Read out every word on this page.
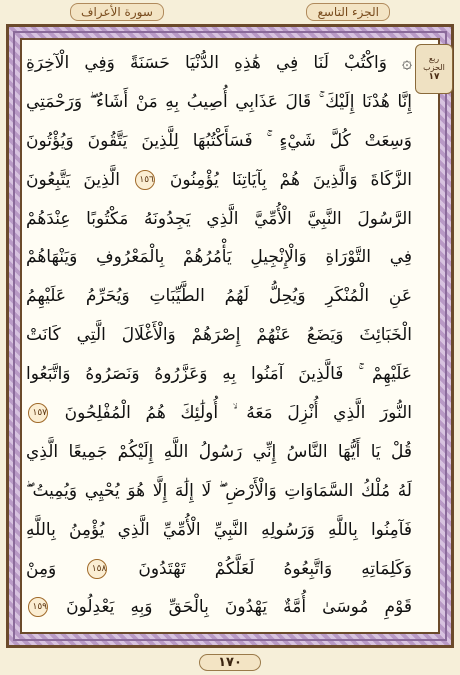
الجزء التاسع
سورة الأعراف
ربع
الحزب
١٧
۞ وَاكْتُبْ لَنَا فِي هَٰذِهِ الدُّنْيَا حَسَنَةً وَفِي الْآخِرَةِ
إِنَّا هُدْنَا إِلَيْكَ ۚ قَالَ عَذَابِي أُصِيبُ بِهِ مَنْ أَشَاءُ ۖ وَرَحْمَتِي
وَسِعَتْ كُلَّ شَيْءٍ ۚ فَسَأَكْتُبُهَا لِلَّذِينَ يَتَّقُونَ وَيُؤْتُونَ
الزَّكَاةَ وَالَّذِينَ هُمْ بِآيَاتِنَا يُؤْمِنُونَ ١٥٦ الَّذِينَ يَتَّبِعُونَ
الرَّسُولَ النَّبِيَّ الْأُمِّيَّ الَّذِي يَجِدُونَهُ مَكْتُوبًا عِنْدَهُمْ
فِي التَّوْرَاةِ وَالْإِنْجِيلِ يَأْمُرُهُمْ بِالْمَعْرُوفِ وَيَنْهَاهُمْ
عَنِ الْمُنْكَرِ وَيُحِلُّ لَهُمُ الطَّيِّبَاتِ وَيُحَرِّمُ عَلَيْهِمُ
الْخَبَائِثَ وَيَضَعُ عَنْهُمْ إِصْرَهُمْ وَالْأَغْلَالَ الَّتِي كَانَتْ
عَلَيْهِمْ ۚ فَالَّذِينَ آمَنُوا بِهِ وَعَزَّرُوهُ وَنَصَرُوهُ وَاتَّبَعُوا
النُّورَ الَّذِي أُنْزِلَ مَعَهُ ۙ أُولَٰئِكَ هُمُ الْمُفْلِحُونَ ١٥٧
قُلْ يَا أَيُّهَا النَّاسُ إِنِّي رَسُولُ اللَّهِ إِلَيْكُمْ جَمِيعًا الَّذِي
لَهُ مُلْكُ السَّمَاوَاتِ وَالْأَرْضِ ۖ لَا إِلَٰهَ إِلَّا هُوَ يُحْيِي وَيُمِيتُ ۖ
فَآمِنُوا بِاللَّهِ وَرَسُولِهِ النَّبِيِّ الْأُمِّيِّ الَّذِي يُؤْمِنُ بِاللَّهِ
وَكَلِمَاتِهِ وَاتَّبِعُوهُ لَعَلَّكُمْ تَهْتَدُونَ ١٥٨ وَمِنْ
قَوْمِ مُوسَىٰ أُمَّةٌ يَهْدُونَ بِالْحَقِّ وَبِهِ يَعْدِلُونَ ١٥٩
١٧٠
